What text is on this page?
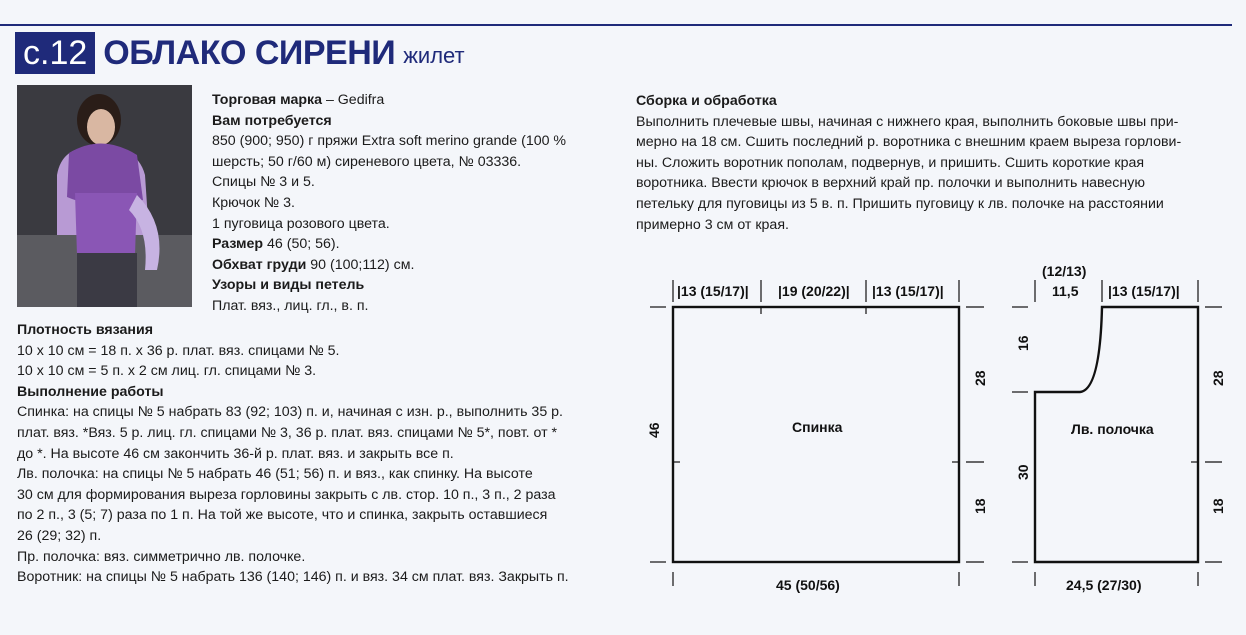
с.12 ОБЛАКО СИРЕНИ жилет
Торговая марка – Gedifra
Вам потребуется
850 (900; 950) г пряжи Extra soft merino grande (100 %
шерсть; 50 г/60 м) сиреневого цвета, № 03336.
Спицы № 3 и 5.
Крючок № 3.
1 пуговица розового цвета.
Размер 46 (50; 56).
Обхват груди 90 (100;112) см.
Узоры и виды петель
Плат. вяз., лиц. гл., в. п.
Плотность вязания
10 х 10 см = 18 п. х 36 р. плат. вяз. спицами № 5.
10 х 10 см = 5 п. х 2 см лиц. гл. спицами № 3.
Выполнение работы
Спинка: на спицы № 5 набрать 83 (92; 103) п. и, начиная с изн. р., выполнить 35 р.
плат. вяз. *Вяз. 5 р. лиц. гл. спицами № 3, 36 р. плат. вяз. спицами № 5*, повт. от *
до *. На высоте 46 см закончить 36-й р. плат. вяз. и закрыть все п.
Лв. полочка: на спицы № 5 набрать 46 (51; 56) п. и вяз., как спинку. На высоте
30 см для формирования выреза горловины закрыть с лв. стор. 10 п., 3 п., 2 раза
по 2 п., 3 (5; 7) раза по 1 п. На той же высоте, что и спинка, закрыть оставшиеся
26 (29; 32) п.
Пр. полочка: вяз. симметрично лв. полочке.
Воротник: на спицы № 5 набрать 136 (140; 146) п. и вяз. 34 см плат. вяз. Закрыть п.
Сборка и обработка
Выполнить плечевые швы, начиная с нижнего края, выполнить боковые швы при-
мерно на 18 см. Сшить последний р. воротника с внешним краем выреза горлови-
ны. Сложить воротник пополам, подвернув, и пришить. Сшить короткие края
воротника. Ввести крючок в верхний край пр. полочки и выполнить навесную
петельку для пуговицы из 5 в. п. Пришить пуговицу к лв. полочке на расстоянии
примерно 3 см от края.
|13 (15/17)| |19 (20/22)| |13 (15/17)|
46
28
18
Спинка
45 (50/56)
(12/13)
11,5 |13 (15/17)|
16
30
28
18
Лв. полочка
24,5 (27/30)
